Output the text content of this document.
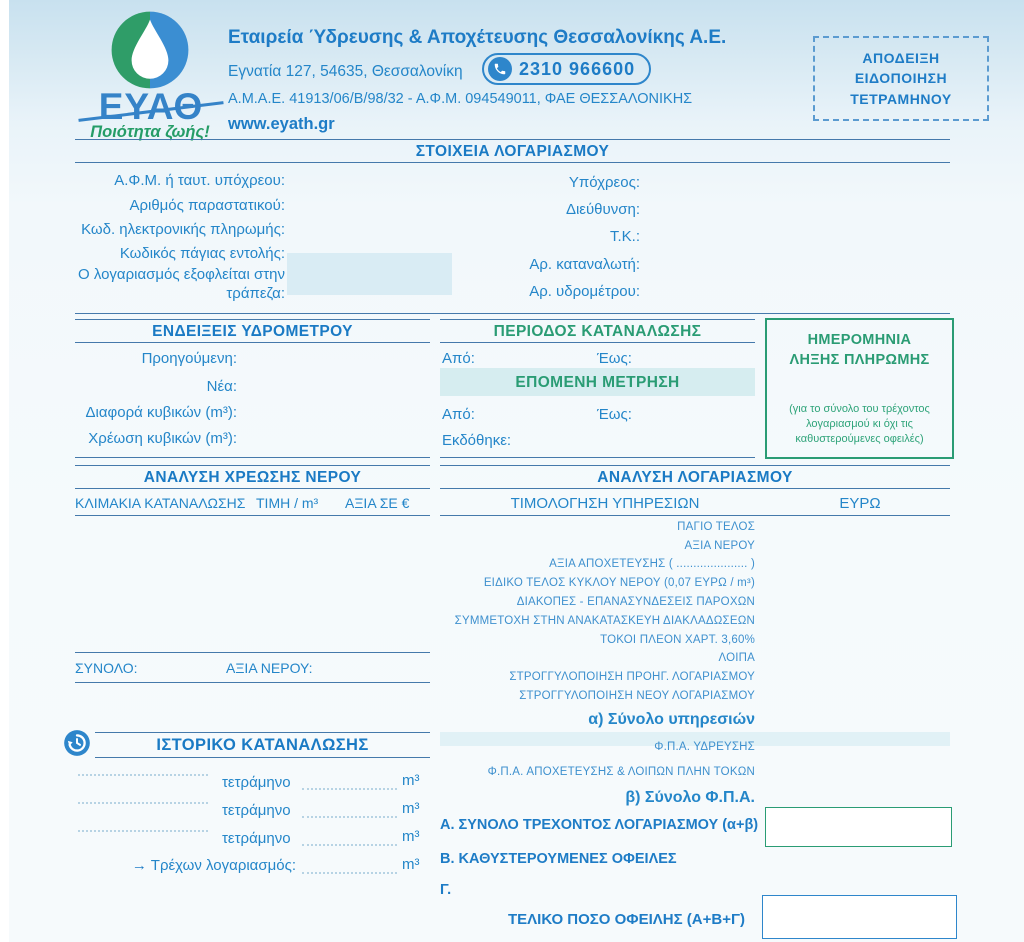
ΕΥΑΘ
Ποιότητα ζωής!
Εταιρεία Ύδρευσης & Αποχέτευσης Θεσσαλονίκης Α.Ε.
Εγνατία 127, 54635, Θεσσαλονίκη	2310 966600
Α.Μ.Α.Ε. 41913/06/Β/98/32 - Α.Φ.Μ. 094549011, ΦΑΕ ΘΕΣΣΑΛΟΝΙΚΗΣ
www.eyath.gr
ΑΠΟΔΕΙΞΗ
ΕΙΔΟΠΟΙΗΣΗ
ΤΕΤΡΑΜΗΝΟΥ
ΣΤΟΙΧΕΙΑ ΛΟΓΑΡΙΑΣΜΟΥ
Α.Φ.Μ. ή ταυτ. υπόχρεου:
Αριθμός παραστατικού:
Κωδ. ηλεκτρονικής πληρωμής:
Κωδικός πάγιας εντολής:
Ο λογαριασμός εξοφλείται στην τράπεζα:
Υπόχρεος:
Διεύθυνση:
Τ.Κ.:
Αρ. καταναλωτή:
Αρ. υδρομέτρου:
ΕΝΔΕΙΞΕΙΣ ΥΔΡΟΜΕΤΡΟΥ
Προηγούμενη:
Νέα:
Διαφορά κυβικών (m³):
Χρέωση κυβικών (m³):
ΠΕΡΙΟΔΟΣ ΚΑΤΑΝΑΛΩΣΗΣ
Από:	Έως:
ΕΠΟΜΕΝΗ ΜΕΤΡΗΣΗ
Από:	Έως:
Εκδόθηκε:
ΗΜΕΡΟΜΗΝΙΑ
ΛΗΞΗΣ ΠΛΗΡΩΜΗΣ
(για το σύνολο του τρέχοντος λογαριασμού κι όχι τις καθυστερούμενες οφειλές)
ΑΝΑΛΥΣΗ ΧΡΕΩΣΗΣ ΝΕΡΟΥ
ΚΛΙΜΑΚΙΑ ΚΑΤΑΝΑΛΩΣΗΣ ΤΙΜΗ / m³ ΑΞΙΑ ΣΕ €
ΣΥΝΟΛΟ:	ΑΞΙΑ ΝΕΡΟΥ:
ΙΣΤΟΡΙΚΟ ΚΑΤΑΝΑΛΩΣΗΣ
τετράμηνο	m³
τετράμηνο	m³
τετράμηνο	m³
→ Τρέχων λογαριασμός:	m³
ΑΝΑΛΥΣΗ ΛΟΓΑΡΙΑΣΜΟΥ
ΤΙΜΟΛΟΓΗΣΗ ΥΠΗΡΕΣΙΩΝ	ΕΥΡΩ
ΠΑΓΙΟ ΤΕΛΟΣ
ΑΞΙΑ ΝΕΡΟΥ
ΑΞΙΑ ΑΠΟΧΕΤΕΥΣΗΣ ( ..................... )
ΕΙΔΙΚΟ ΤΕΛΟΣ ΚΥΚΛΟΥ ΝΕΡΟΥ (0,07 ΕΥΡΩ / m³)
ΔΙΑΚΟΠΕΣ - ΕΠΑΝΑΣΥΝΔΕΣΕΙΣ ΠΑΡΟΧΩΝ
ΣΥΜΜΕΤΟΧΗ ΣΤΗΝ ΑΝΑΚΑΤΑΣΚΕΥΗ ΔΙΑΚΛΑΔΩΣΕΩΝ
ΤΟΚΟΙ ΠΛΕΟΝ ΧΑΡΤ. 3,60%
ΛΟΙΠΑ
ΣΤΡΟΓΓΥΛΟΠΟΙΗΣΗ ΠΡΟΗΓ. ΛΟΓΑΡΙΑΣΜΟΥ
ΣΤΡΟΓΓΥΛΟΠΟΙΗΣΗ ΝΕΟΥ ΛΟΓΑΡΙΑΣΜΟΥ
α) Σύνολο υπηρεσιών
Φ.Π.Α. ΥΔΡΕΥΣΗΣ
Φ.Π.Α. ΑΠΟΧΕΤΕΥΣΗΣ & ΛΟΙΠΩΝ ΠΛΗΝ ΤΟΚΩΝ
β) Σύνολο Φ.Π.Α.
Α. ΣΥΝΟΛΟ ΤΡΕΧΟΝΤΟΣ ΛΟΓΑΡΙΑΣΜΟΥ (α+β)
Β. ΚΑΘΥΣΤΕΡΟΥΜΕΝΕΣ ΟΦΕΙΛΕΣ
Γ.
ΤΕΛΙΚΟ ΠΟΣΟ ΟΦΕΙΛΗΣ (Α+Β+Γ)
